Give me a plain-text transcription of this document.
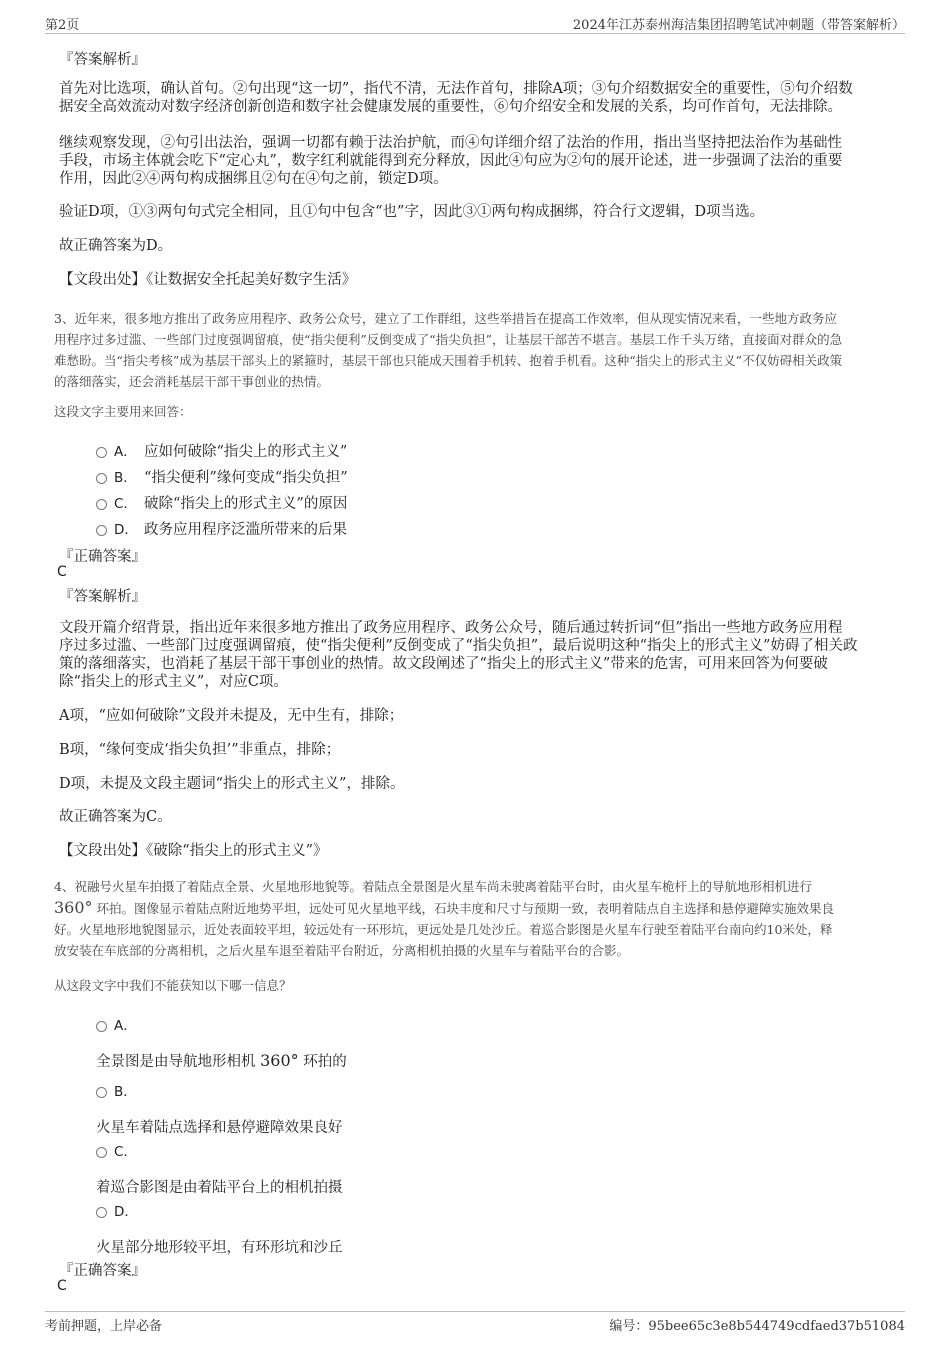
第2页	2024年江苏泰州海洁集团招聘笔试冲刺题（带答案解析）
『答案解析』
首先对比选项，确认首句。②句出现“这一切”，指代不清，无法作首句，排除A项；③句介绍数据安全的重要性，⑤句介绍数
据安全高效流动对数字经济创新创造和数字社会健康发展的重要性，⑥句介绍安全和发展的关系，均可作首句，无法排除。
继续观察发现，②句引出法治，强调一切都有赖于法治护航，而④句详细介绍了法治的作用，指出当坚持把法治作为基础性
手段，市场主体就会吃下“定心丸”，数字红利就能得到充分释放，因此④句应为②句的展开论述，进一步强调了法治的重要
作用，因此②④两句构成捆绑且②句在④句之前，锁定D项。
验证D项，①③两句句式完全相同，且①句中包含“也”字，因此③①两句构成捆绑，符合行文逻辑，D项当选。
故正确答案为D。
【文段出处】《让数据安全托起美好数字生活》
3、近年来，很多地方推出了政务应用程序、政务公众号，建立了工作群组，这些举措旨在提高工作效率，但从现实情况来看，一些地方政务应
用程序过多过滥、一些部门过度强调留痕，使“指尖便利”反倒变成了“指尖负担”，让基层干部苦不堪言。基层工作千头万绪，直接面对群众的急
难愁盼。当“指尖考核”成为基层干部头上的紧箍时，基层干部也只能成天围着手机转、抱着手机看。这种“指尖上的形式主义”不仅妨碍相关政策
的落细落实，还会消耗基层干部干事创业的热情。
这段文字主要用来回答：
A． 应如何破除“指尖上的形式主义”
B． “指尖便利”缘何变成“指尖负担”
C． 破除“指尖上的形式主义”的原因
D． 政务应用程序泛滥所带来的后果
『正确答案』
C
『答案解析』
文段开篇介绍背景，指出近年来很多地方推出了政务应用程序、政务公众号，随后通过转折词“但”指出一些地方政务应用程
序过多过滥、一些部门过度强调留痕，使“指尖便利”反倒变成了“指尖负担”，最后说明这种“指尖上的形式主义”妨碍了相关政
策的落细落实，也消耗了基层干部干事创业的热情。故文段阐述了“指尖上的形式主义”带来的危害，可用来回答为何要破
除“指尖上的形式主义”，对应C项。
A项，“应如何破除”文段并未提及，无中生有，排除；
B项，“缘何变成‘指尖负担’”非重点，排除；
D项，未提及文段主题词“指尖上的形式主义”，排除。
故正确答案为C。
【文段出处】《破除“指尖上的形式主义”》
4、祝融号火星车拍摄了着陆点全景、火星地形地貌等。着陆点全景图是火星车尚未驶离着陆平台时，由火星车桅杆上的导航地形相机进行
360° 环拍。图像显示着陆点附近地势平坦，远处可见火星地平线，石块丰度和尺寸与预期一致，表明着陆点自主选择和悬停避障实施效果良
好。火星地形地貌图显示，近处表面较平坦，较远处有一环形坑，更远处是几处沙丘。着巡合影图是火星车行驶至着陆平台南向约10米处，释
放安装在车底部的分离相机，之后火星车退至着陆平台附近，分离相机拍摄的火星车与着陆平台的合影。
从这段文字中我们不能获知以下哪一信息？
A．
全景图是由导航地形相机 360° 环拍的
B．
火星车着陆点选择和悬停避障效果良好
C．
着巡合影图是由着陆平台上的相机拍摄
D．
火星部分地形较平坦，有环形坑和沙丘
『正确答案』
C
考前押题，上岸必备	编号：95bee65c3e8b544749cdfaed37b51084
